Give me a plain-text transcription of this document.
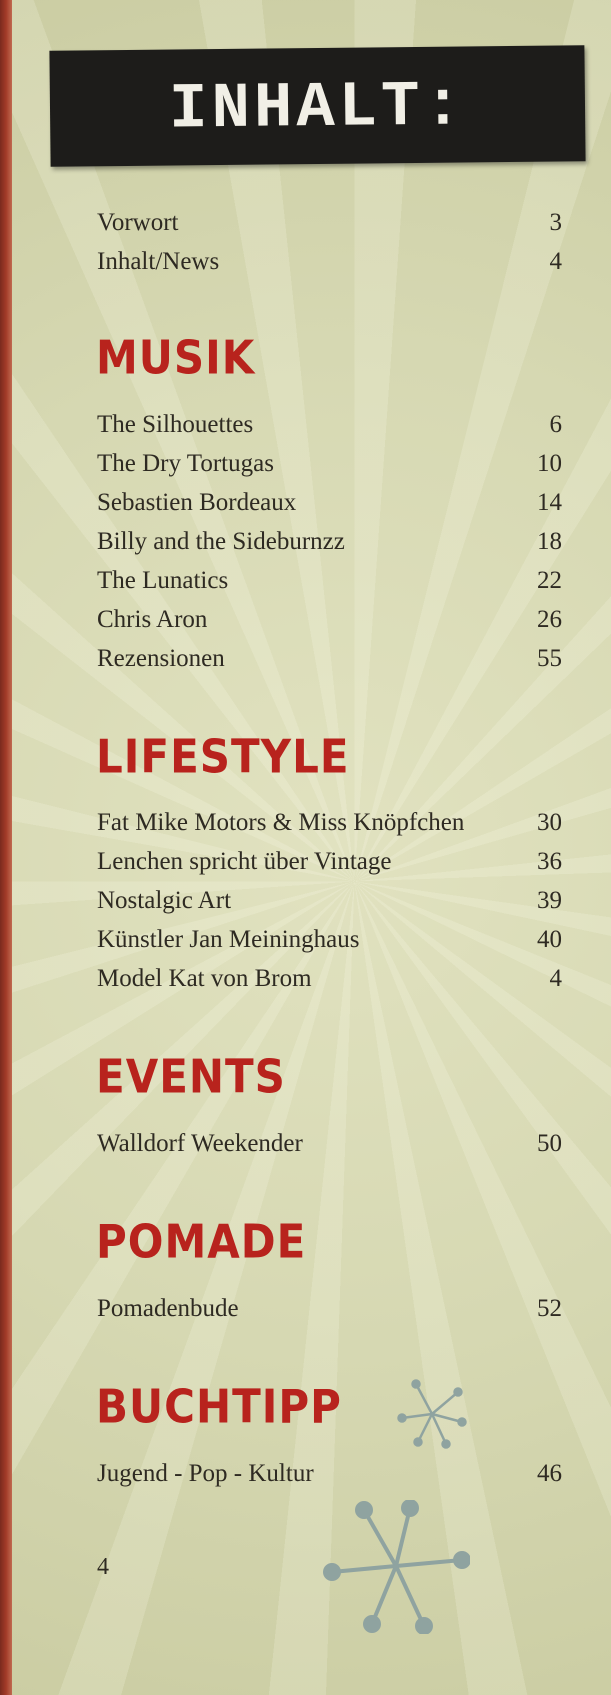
INHALT:
Vorwort	3
Inhalt/News	4
MUSIK
The Silhouettes	6
The Dry Tortugas	10
Sebastien Bordeaux	14
Billy and the Sideburnzz	18
The Lunatics	22
Chris Aron	26
Rezensionen	55
LIFESTYLE
Fat Mike Motors & Miss Knöpfchen	30
Lenchen spricht über Vintage	36
Nostalgic Art	39
Künstler Jan Meininghaus	40
Model Kat von Brom	4
EVENTS
Walldorf Weekender	50
POMADE
Pomadenbude	52
BUCHTIPP
Jugend - Pop - Kultur	46
4
